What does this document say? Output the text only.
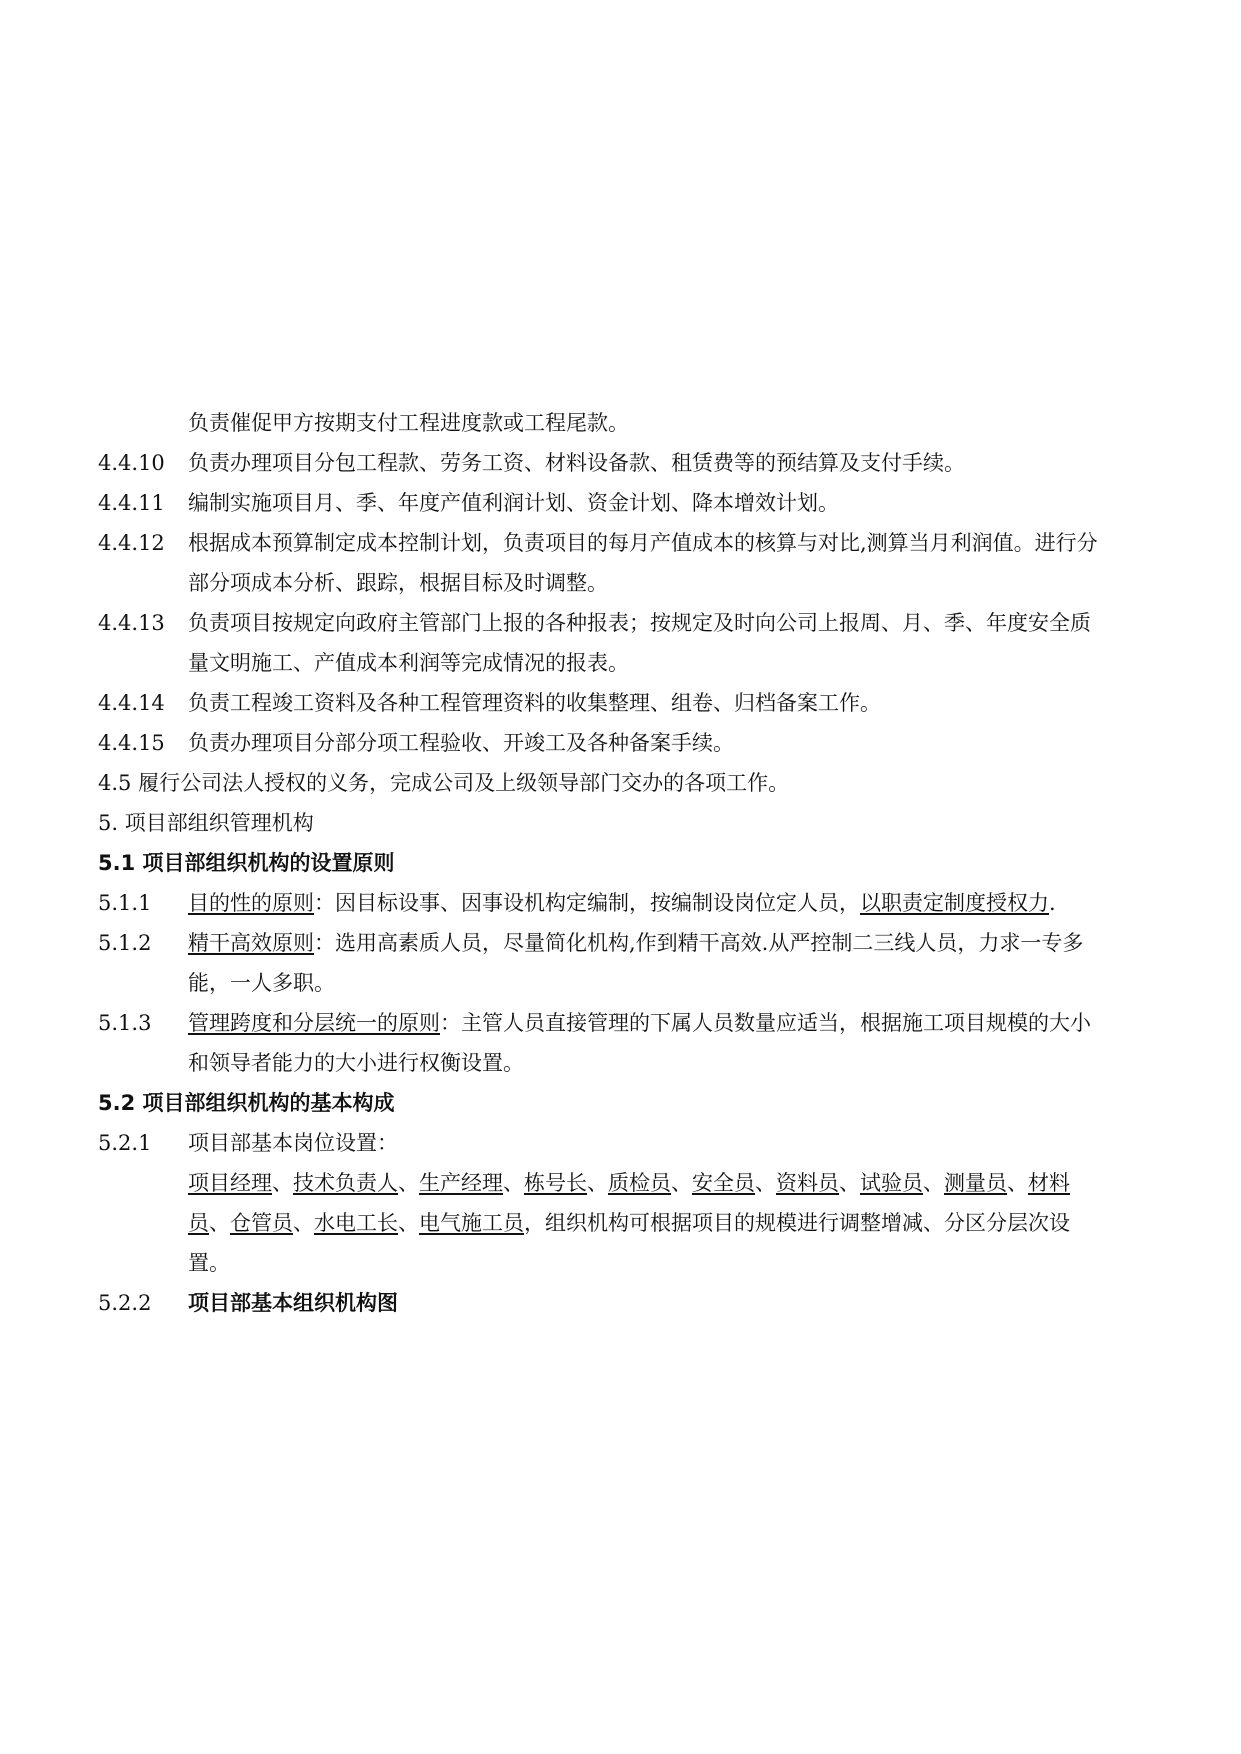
负责催促甲方按期支付工程进度款或工程尾款。
4.4.10	负责办理项目分包工程款、劳务工资、材料设备款、租赁费等的预结算及支付手续。
4.4.11	编制实施项目月、季、年度产值利润计划、资金计划、降本增效计划。
4.4.12	根据成本预算制定成本控制计划，负责项目的每月产值成本的核算与对比,测算当月利润值。进行分部分项成本分析、跟踪，根据目标及时调整。
4.4.13	负责项目按规定向政府主管部门上报的各种报表；按规定及时向公司上报周、月、季、年度安全质量文明施工、产值成本利润等完成情况的报表。
4.4.14	负责工程竣工资料及各种工程管理资料的收集整理、组卷、归档备案工作。
4.4.15	负责办理项目分部分项工程验收、开竣工及各种备案手续。
4.5 履行公司法人授权的义务，完成公司及上级领导部门交办的各项工作。
5. 项目部组织管理机构
5.1 项目部组织机构的设置原则
5.1.1	目的性的原则：因目标设事、因事设机构定编制，按编制设岗位定人员，以职责定制度授权力.
5.1.2	精干高效原则：选用高素质人员，尽量简化机构,作到精干高效.从严控制二三线人员，力求一专多能，一人多职。
5.1.3	管理跨度和分层统一的原则：主管人员直接管理的下属人员数量应适当，根据施工项目规模的大小和领导者能力的大小进行权衡设置。
5.2 项目部组织机构的基本构成
5.2.1	项目部基本岗位设置：
项目经理、技术负责人、生产经理、栋号长、质检员、安全员、资料员、试验员、测量员、材料员、仓管员、水电工长、电气施工员，组织机构可根据项目的规模进行调整增减、分区分层次设置。
5.2.2	项目部基本组织机构图
